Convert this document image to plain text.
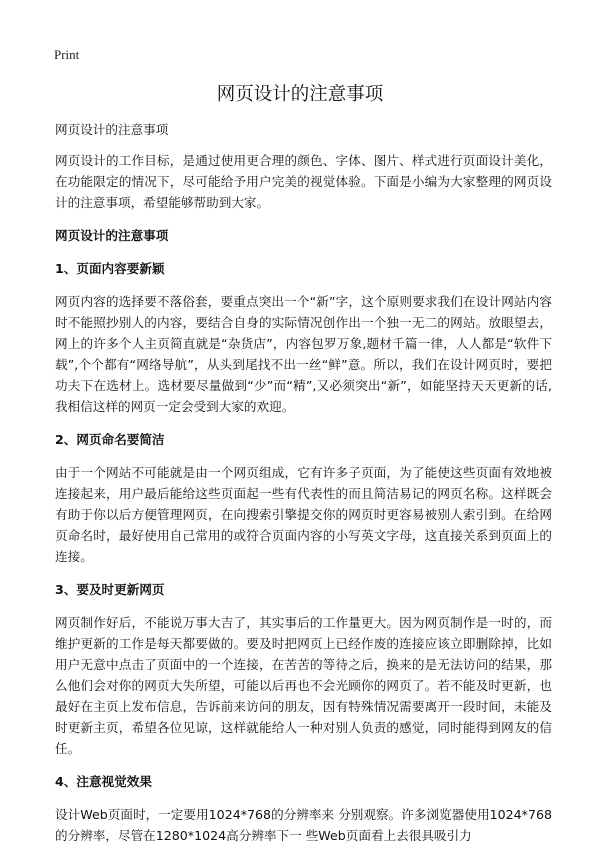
Print
网页设计的注意事项

网页设计的注意事项

网页设计的工作目标，是通过使用更合理的颜色、字体、图片、样式进行页面设计美化，在功能限定的情况下，尽可能给予用户完美的视觉体验。下面是小编为大家整理的网页设计的注意事项，希望能够帮助到大家。

网页设计的注意事项

1、页面内容要新颖

网页内容的选择要不落俗套，要重点突出一个“新”字，这个原则要求我们在设计网站内容时不能照抄别人的内容，要结合自身的实际情况创作出一个独一无二的网站。放眼望去，网上的许多个人主页简直就是“杂货店”，内容包罗万象,题材千篇一律，人人都是“软件下载”,个个都有“网络导航”，从头到尾找不出一丝“鲜”意。所以，我们在设计网页时，要把功夫下在选材上。选材要尽量做到“少”而“精”,又必须突出“新”，如能坚持天天更新的话,我相信这样的网页一定会受到大家的欢迎。

2、网页命名要简洁

由于一个网站不可能就是由一个网页组成，它有许多子页面，为了能使这些页面有效地被连接起来，用户最后能给这些页面起一些有代表性的而且简洁易记的网页名称。这样既会有助于你以后方便管理网页，在向搜索引擎提交你的网页时更容易被别人索引到。在给网页命名时，最好使用自己常用的或符合页面内容的小写英文字母，这直接关系到页面上的连接。

3、要及时更新网页

网页制作好后，不能说万事大吉了，其实事后的工作量更大。因为网页制作是一时的，而维护更新的工作是每天都要做的。要及时把网页上已经作废的连接应该立即删除掉，比如用户无意中点击了页面中的一个连接，在苦苦的等待之后，换来的是无法访问的结果，那么他们会对你的网页大失所望，可能以后再也不会光顾你的网页了。若不能及时更新，也最好在主页上发布信息，告诉前来访问的朋友，因有特殊情况需要离开一段时间，未能及时更新主页，希望各位见谅，这样就能给人一种对别人负责的感觉，同时能得到网友的信任。

4、注意视觉效果

设计Web页面时，一定要用1024*768的分辨率来 分别观察。许多浏览器使用1024*768的分辨率，尽管在1280*1024高分辨率下一 些Web页面看上去很具吸引力
